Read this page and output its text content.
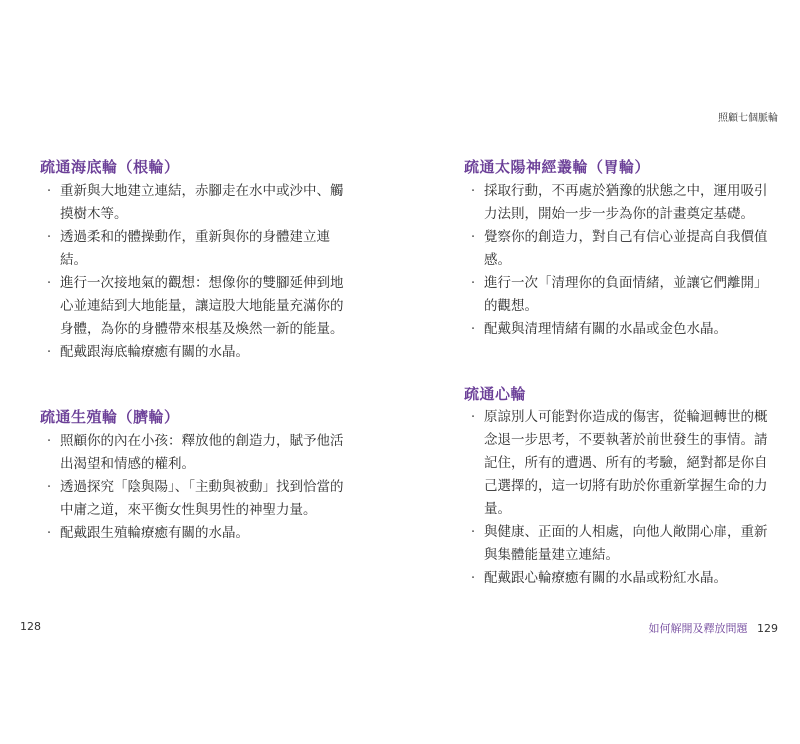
疏通海底輪（根輪）
· 重新與大地建立連結，赤腳走在水中或沙中、觸摸樹木等。
· 透過柔和的體操動作，重新與你的身體建立連結。
· 進行一次接地氣的觀想：想像你的雙腳延伸到地心並連結到大地能量，讓這股大地能量充滿你的身體，為你的身體帶來根基及煥然一新的能量。
· 配戴跟海底輪療癒有關的水晶。
疏通生殖輪（臍輪）
· 照顧你的內在小孩：釋放他的創造力，賦予他活出渴望和情感的權利。
· 透過探究「陰與陽」、「主動與被動」找到恰當的中庸之道，來平衡女性與男性的神聖力量。
· 配戴跟生殖輪療癒有關的水晶。
128
照顧七個脈輪
疏通太陽神經叢輪（胃輪）
· 採取行動，不再處於猶豫的狀態之中，運用吸引力法則，開始一步一步為你的計畫奠定基礎。
· 覺察你的創造力，對自己有信心並提高自我價值感。
· 進行一次「清理你的負面情緒，並讓它們離開」的觀想。
· 配戴與清理情緒有關的水晶或金色水晶。
疏通心輪
· 原諒別人可能對你造成的傷害，從輪迴轉世的概念退一步思考，不要執著於前世發生的事情。請記住，所有的遭遇、所有的考驗，絕對都是你自己選擇的，這一切將有助於你重新掌握生命的力量。
· 與健康、正面的人相處，向他人敞開心扉，重新與集體能量建立連結。
· 配戴跟心輪療癒有關的水晶或粉紅水晶。
如何解開及釋放問題 129
